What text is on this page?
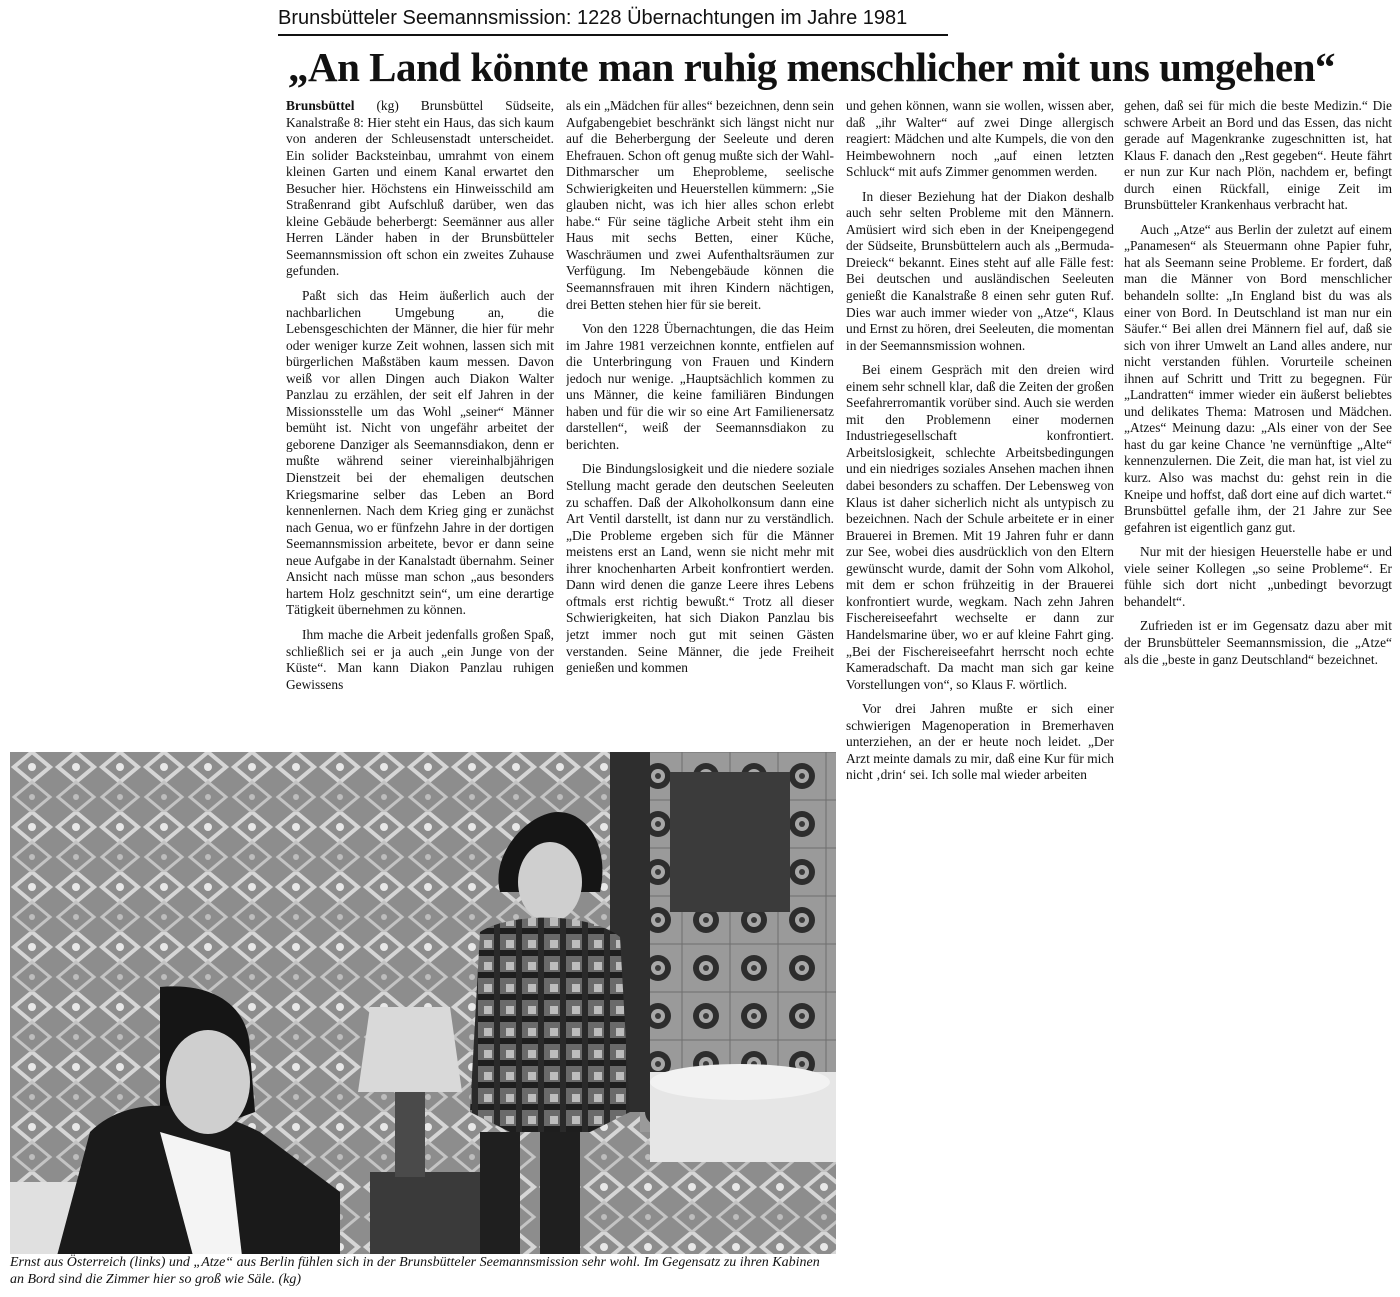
Brunsbütteler Seemannsmission: 1228 Übernachtungen im Jahre 1981
„An Land könnte man ruhig menschlicher mit uns umgehen“

Brunsbüttel (kg) Brunsbüttel Südseite, Kanalstraße 8: Hier steht ein Haus, das sich kaum von anderen der Schleusenstadt unterscheidet. Ein solider Backsteinbau, umrahmt von einem kleinen Garten und einem Kanal erwartet den Besucher hier. Höchstens ein Hinweisschild am Straßenrand gibt Aufschluß darüber, wen das kleine Gebäude beherbergt: Seemänner aus aller Herren Länder haben in der Brunsbütteler Seemannsmission oft schon ein zweites Zuhause gefunden.

Paßt sich das Heim äußerlich auch der nachbarlichen Umgebung an, die Lebensgeschichten der Männer, die hier für mehr oder weniger kurze Zeit wohnen, lassen sich mit bürgerlichen Maßstäben kaum messen. Davon weiß vor allen Dingen auch Diakon Walter Panzlau zu erzählen, der seit elf Jahren in der Missionsstelle um das Wohl „seiner“ Männer bemüht ist. Nicht von ungefähr arbeitet der geborene Danziger als Seemannsdiakon, denn er mußte während seiner viereinhalbjährigen Dienstzeit bei der ehemaligen deutschen Kriegsmarine selber das Leben an Bord kennenlernen. Nach dem Krieg ging er zunächst nach Genua, wo er fünfzehn Jahre in der dortigen Seemannsmission arbeitete, bevor er dann seine neue Aufgabe in der Kanalstadt übernahm. Seiner Ansicht nach müsse man schon „aus besonders hartem Holz geschnitzt sein“, um eine derartige Tätigkeit übernehmen zu können.

Ihm mache die Arbeit jedenfalls großen Spaß, schließlich sei er ja auch „ein Junge von der Küste“. Man kann Diakon Panzlau ruhigen Gewissens

als ein „Mädchen für alles“ bezeichnen, denn sein Aufgabengebiet beschränkt sich längst nicht nur auf die Beherbergung der Seeleute und deren Ehefrauen. Schon oft genug mußte sich der Wahl-Dithmarscher um Eheprobleme, seelische Schwierigkeiten und Heuerstellen kümmern: „Sie glauben nicht, was ich hier alles schon erlebt habe.“ Für seine tägliche Arbeit steht ihm ein Haus mit sechs Betten, einer Küche, Waschräumen und zwei Aufenthaltsräumen zur Verfügung. Im Nebengebäude können die Seemannsfrauen mit ihren Kindern nächtigen, drei Betten stehen hier für sie bereit.

Von den 1228 Übernachtungen, die das Heim im Jahre 1981 verzeichnen konnte, entfielen auf die Unterbringung von Frauen und Kindern jedoch nur wenige. „Hauptsächlich kommen zu uns Männer, die keine familiären Bindungen haben und für die wir so eine Art Familienersatz darstellen“, weiß der Seemannsdiakon zu berichten.

Die Bindungslosigkeit und die niedere soziale Stellung macht gerade den deutschen Seeleuten zu schaffen. Daß der Alkoholkonsum dann eine Art Ventil darstellt, ist dann nur zu verständlich. „Die Probleme ergeben sich für die Männer meistens erst an Land, wenn sie nicht mehr mit ihrer knochenharten Arbeit konfrontiert werden. Dann wird denen die ganze Leere ihres Lebens oftmals erst richtig bewußt.“ Trotz all dieser Schwierigkeiten, hat sich Diakon Panzlau bis jetzt immer noch gut mit seinen Gästen verstanden. Seine Männer, die jede Freiheit genießen und kommen

und gehen können, wann sie wollen, wissen aber, daß „ihr Walter“ auf zwei Dinge allergisch reagiert: Mädchen und alte Kumpels, die von den Heimbewohnern noch „auf einen letzten Schluck“ mit aufs Zimmer genommen werden.

In dieser Beziehung hat der Diakon deshalb auch sehr selten Probleme mit den Männern. Amüsiert wird sich eben in der Kneipengegend der Südseite, Brunsbüttelern auch als „Bermuda-Dreieck“ bekannt. Eines steht auf alle Fälle fest: Bei deutschen und ausländischen Seeleuten genießt die Kanalstraße 8 einen sehr guten Ruf. Dies war auch immer wieder von „Atze“, Klaus und Ernst zu hören, drei Seeleuten, die momentan in der Seemannsmission wohnen.

Bei einem Gespräch mit den dreien wird einem sehr schnell klar, daß die Zeiten der großen Seefahrerromantik vorüber sind. Auch sie werden mit den Problemenn einer modernen Industriegesellschaft konfrontiert. Arbeitslosigkeit, schlechte Arbeitsbedingungen und ein niedriges soziales Ansehen machen ihnen dabei besonders zu schaffen. Der Lebensweg von Klaus ist daher sicherlich nicht als untypisch zu bezeichnen. Nach der Schule arbeitete er in einer Brauerei in Bremen. Mit 19 Jahren fuhr er dann zur See, wobei dies ausdrücklich von den Eltern gewünscht wurde, damit der Sohn vom Alkohol, mit dem er schon frühzeitig in der Brauerei konfrontiert wurde, wegkam. Nach zehn Jahren Fischereiseefahrt wechselte er dann zur Handelsmarine über, wo er auf kleine Fahrt ging. „Bei der Fischereiseefahrt herrscht noch echte Kameradschaft. Da macht man sich gar keine Vorstellungen von“, so Klaus F. wörtlich.

Vor drei Jahren mußte er sich einer schwierigen Magenoperation in Bremerhaven unterziehen, an der er heute noch leidet. „Der Arzt meinte damals zu mir, daß eine Kur für mich nicht ‚drin‘ sei. Ich solle mal wieder arbeiten

gehen, daß sei für mich die beste Medizin.“ Die schwere Arbeit an Bord und das Essen, das nicht gerade auf Magenkranke zugeschnitten ist, hat Klaus F. danach den „Rest gegeben“. Heute fährt er nun zur Kur nach Plön, nachdem er, befingt durch einen Rückfall, einige Zeit im Brunsbütteler Krankenhaus verbracht hat.

Auch „Atze“ aus Berlin der zuletzt auf einem „Panamesen“ als Steuermann ohne Papier fuhr, hat als Seemann seine Probleme. Er fordert, daß man die Männer von Bord menschlicher behandeln sollte: „In England bist du was als einer von Bord. In Deutschland ist man nur ein Säufer.“ Bei allen drei Männern fiel auf, daß sie sich von ihrer Umwelt an Land alles andere, nur nicht verstanden fühlen. Vorurteile scheinen ihnen auf Schritt und Tritt zu begegnen. Für „Landratten“ immer wieder ein äußerst beliebtes und delikates Thema: Matrosen und Mädchen. „Atzes“ Meinung dazu: „Als einer von der See hast du gar keine Chance 'ne vernünftige „Alte“ kennenzulernen. Die Zeit, die man hat, ist viel zu kurz. Also was machst du: gehst rein in die Kneipe und hoffst, daß dort eine auf dich wartet.“ Brunsbüttel gefalle ihm, der 21 Jahre zur See gefahren ist eigentlich ganz gut.

Nur mit der hiesigen Heuerstelle habe er und viele seiner Kollegen „so seine Probleme“. Er fühle sich dort nicht „unbedingt bevorzugt behandelt“.

Zufrieden ist er im Gegensatz dazu aber mit der Brunsbütteler Seemannsmission, die „Atze“ als die „beste in ganz Deutschland“ bezeichnet.

Ernst aus Österreich (links) und „Atze“ aus Berlin fühlen sich in der Brunsbütteler Seemannsmission sehr wohl. Im Gegensatz zu ihren Kabinen an Bord sind die Zimmer hier so groß wie Säle. (kg)
